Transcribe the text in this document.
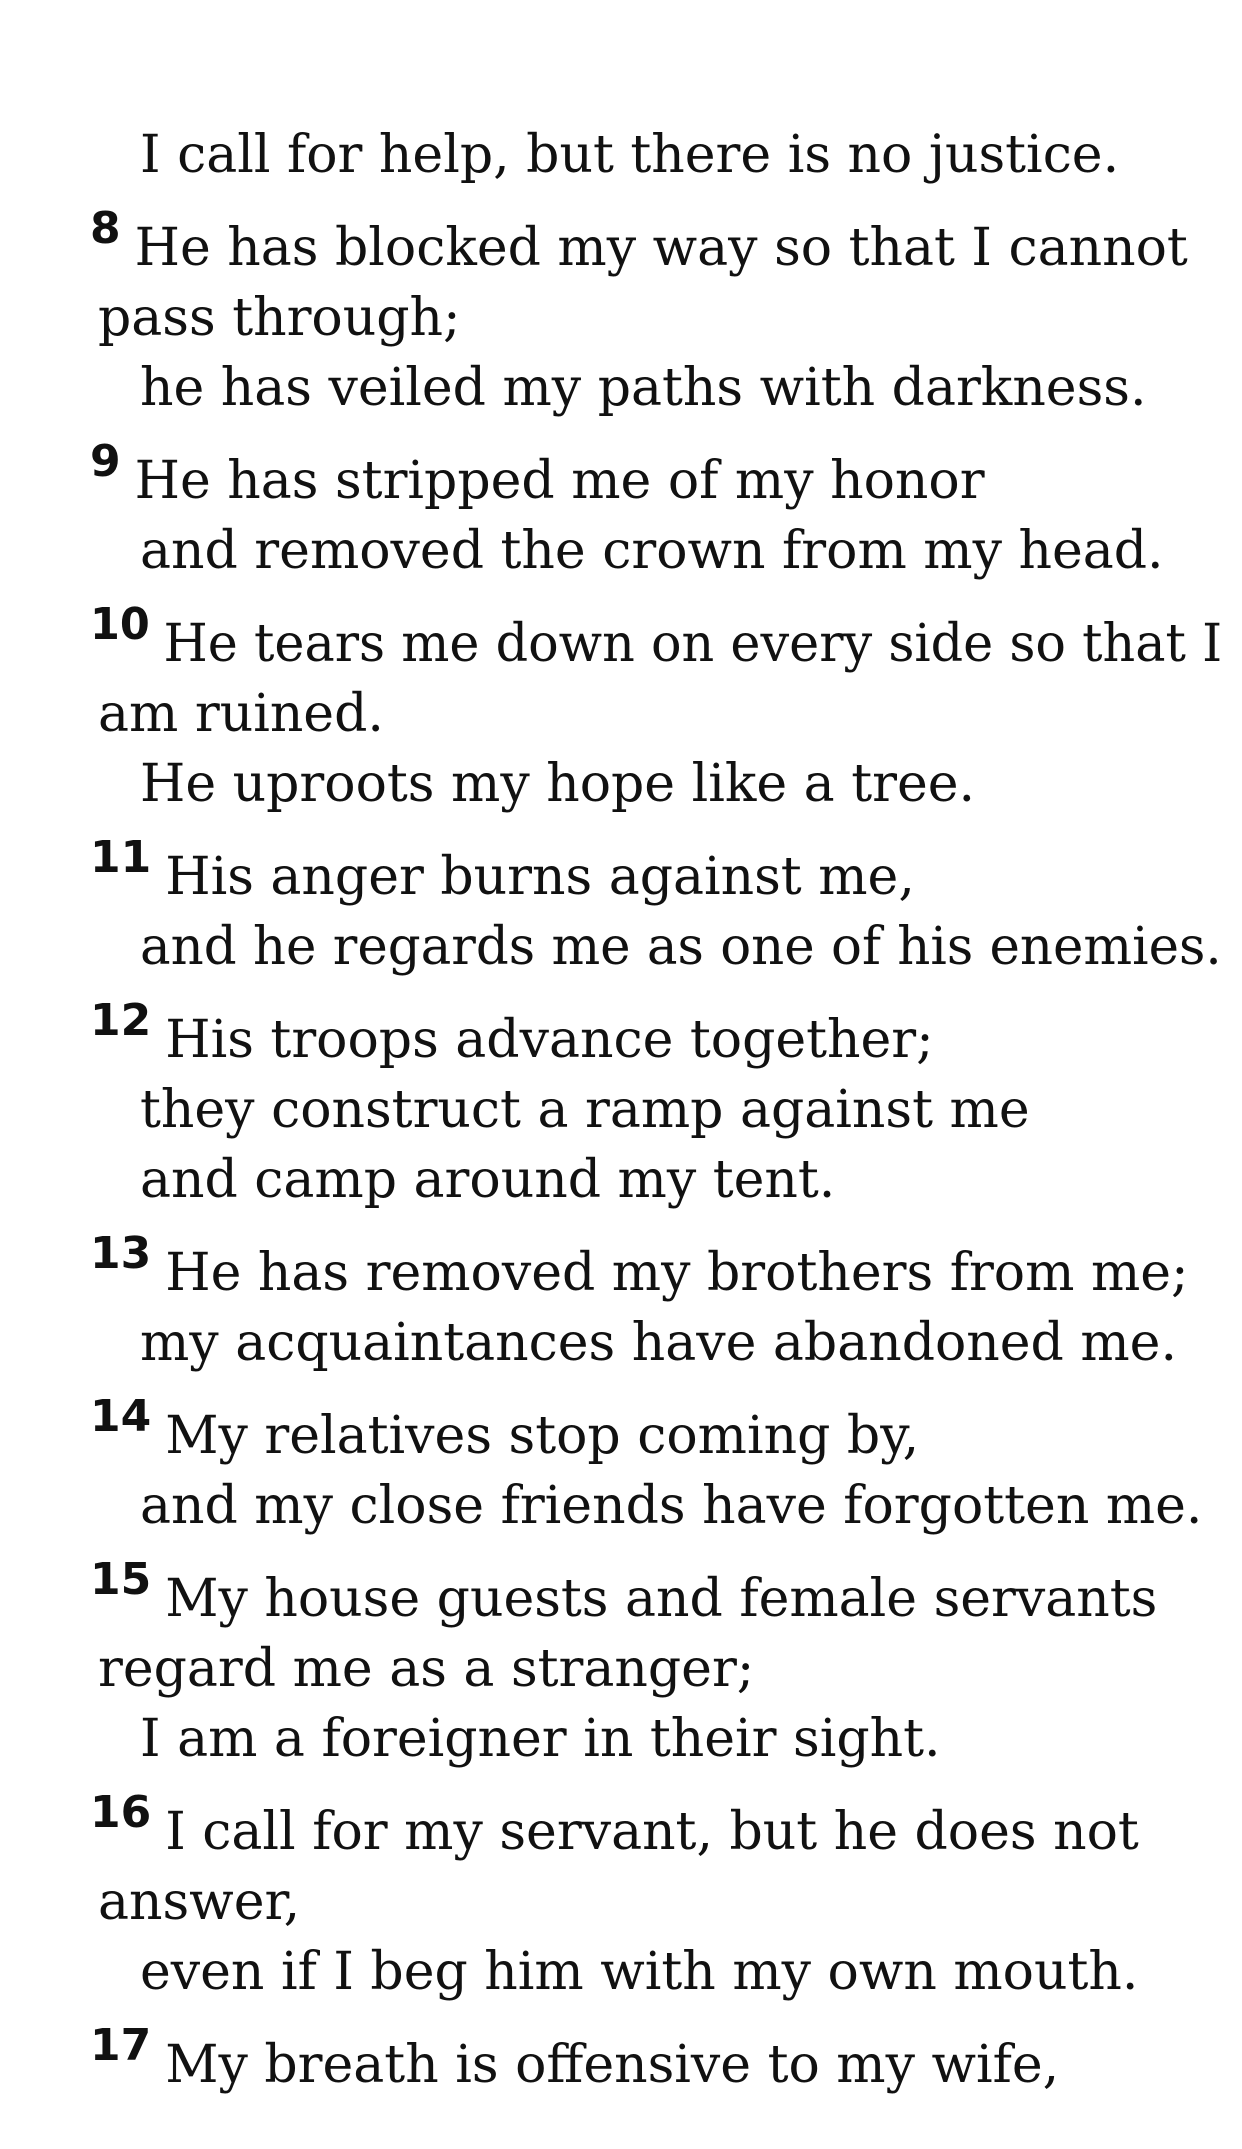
I call for help, but there is no justice.
$^8$ He has blocked my way so that I cannot
pass through;
he has veiled my paths with darkness.
$^9$ He has stripped me of my honor
and removed the crown from my head.
$^{10}$ He tears me down on every side so that I
am ruined.
He uproots my hope like a tree.
$^{11}$ His anger burns against me,
and he regards me as one of his enemies.
$^{12}$ His troops advance together;
they construct a ramp against me
and camp around my tent.
$^{13}$ He has removed my brothers from me;
my acquaintances have abandoned me.
$^{14}$ My relatives stop coming by,
and my close friends have forgotten me.
$^{15}$ My house guests and female servants
regard me as a stranger;
I am a foreigner in their sight.
$^{16}$ I call for my servant, but he does not
answer,
even if I beg him with my own mouth.
$^{17}$ My breath is offensive to my wife,
